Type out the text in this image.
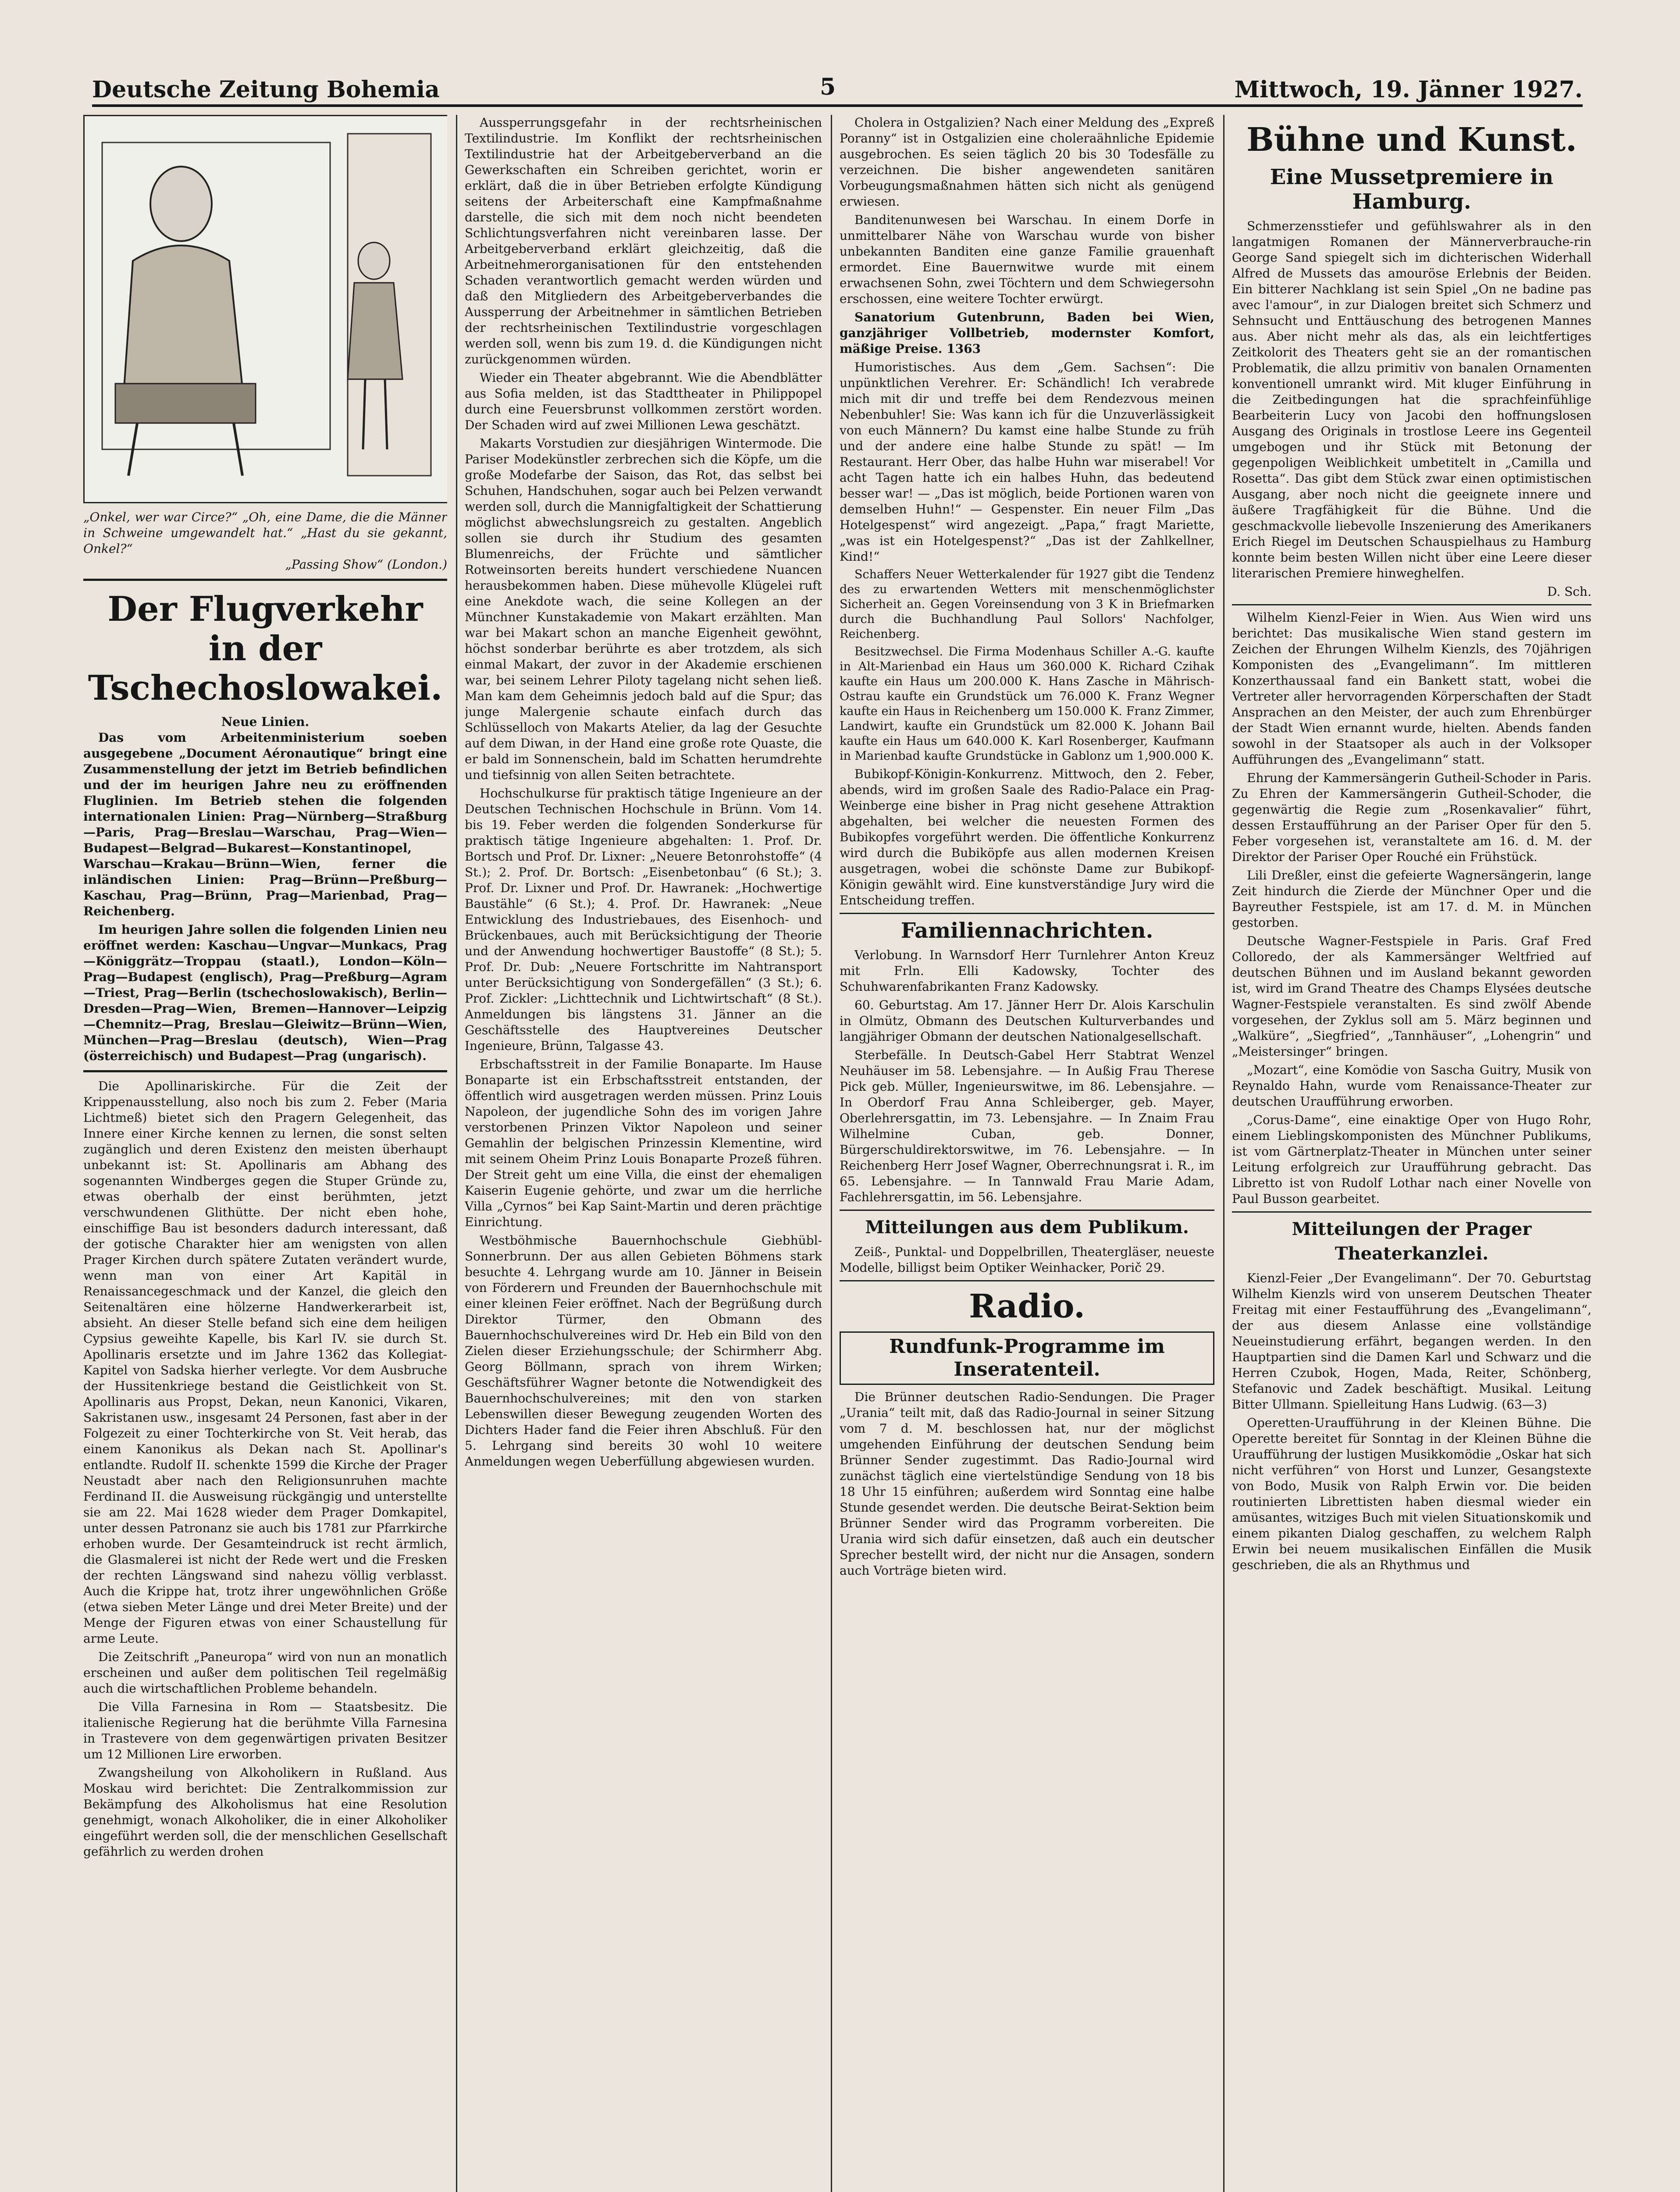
Deutsche Zeitung Bohemia	5	Mittwoch, 19. Jänner 1927.
„Onkel, wer war Circe?“ „Oh, eine Dame, die die Männer in Schweine umgewandelt hat.“ „Hast du sie gekannt, Onkel?“
„Passing Show“ (London.)
Der Flugverkehr in der Tschechoslowakei.
Neue Linien.

Das vom Arbeitenministerium soeben ausgegebene „Document Aéronautique“ bringt eine Zusammenstellung der jetzt im Betrieb befindlichen und der im heurigen Jahre neu zu eröffnenden Fluglinien. Im Betrieb stehen die folgenden internationalen Linien: Prag—Nürnberg—Straßburg—Paris, Prag—Breslau—Warschau, Prag—Wien—Budapest—Belgrad—Bukarest—Konstantinopel, Warschau—Krakau—Brünn—Wien, ferner die inländischen Linien: Prag—Brünn—Preßburg—Kaschau, Prag—Brünn, Prag—Marienbad, Prag—Reichenberg.

Im heurigen Jahre sollen die folgenden Linien neu eröffnet werden: Kaschau—Ungvar—Munkacs, Prag—Königgrätz—Troppau (staatl.), London—Köln—Prag—Budapest (englisch), Prag—Preßburg—Agram—Triest, Prag—Berlin (tschechoslowakisch), Berlin—Dresden—Prag—Wien, Bremen—Hannover—Leipzig—Chemnitz—Prag, Breslau—Gleiwitz—Brünn—Wien, München—Prag—Breslau (deutsch), Wien—Prag (österreichisch) und Budapest—Prag (ungarisch).

Die Apollinariskirche. Für die Zeit der Krippenausstellung, also noch bis zum 2. Feber (Maria Lichtmeß) bietet sich den Pragern Gelegenheit, das Innere einer Kirche kennen zu lernen, die sonst selten zugänglich und deren Existenz den meisten überhaupt unbekannt ist: St. Apollinaris am Abhang des sogenannten Windberges gegen die Stuper Gründe zu, etwas oberhalb der einst berühmten, jetzt verschwundenen Glithütte. Der nicht eben hohe, einschiffige Bau ist besonders dadurch interessant, daß der gotische Charakter hier am wenigsten von allen Prager Kirchen durch spätere Zutaten verändert wurde, wenn man von einer Art Kapitäl in Renaissancegeschmack und der Kanzel, die gleich den Seitenaltären eine hölzerne Handwerkerarbeit ist, absieht. An dieser Stelle befand sich eine dem heiligen Cypsius geweihte Kapelle, bis Karl IV. sie durch St. Apollinaris ersetzte und im Jahre 1362 das Kollegiat-Kapitel von Sadska hierher verlegte. Vor dem Ausbruche der Hussitenkriege bestand die Geistlichkeit von St. Apollinaris aus Propst, Dekan, neun Kanonici, Vikaren, Sakristanen usw., insgesamt 24 Personen, fast aber in der Folgezeit zu einer Tochterkirche von St. Veit herab, das einem Kanonikus als Dekan nach St. Apollinar's entlandte. Rudolf II. schenkte 1599 die Kirche der Prager Neustadt aber nach den Religionsunruhen machte Ferdinand II. die Ausweisung rückgängig und unterstellte sie am 22. Mai 1628 wieder dem Prager Domkapitel, unter dessen Patronanz sie auch bis 1781 zur Pfarrkirche erhoben wurde. Der Gesamteindruck ist recht ärmlich, die Glasmalerei ist nicht der Rede wert und die Fresken der rechten Längswand sind nahezu völlig verblasst. Auch die Krippe hat, trotz ihrer ungewöhnlichen Größe (etwa sieben Meter Länge und drei Meter Breite) und der Menge der Figuren etwas von einer Schaustellung für arme Leute.

Die Zeitschrift „Paneuropa“ wird von nun an monatlich erscheinen und außer dem politischen Teil regelmäßig auch die wirtschaftlichen Probleme behandeln.

Die Villa Farnesina in Rom — Staatsbesitz. Die italienische Regierung hat die berühmte Villa Farnesina in Trastevere von dem gegenwärtigen privaten Besitzer um 12 Millionen Lire erworben.

Zwangsheilung von Alkoholikern in Rußland. Aus Moskau wird berichtet: Die Zentralkommission zur Bekämpfung des Alkoholismus hat eine Resolution genehmigt, wonach Alkoholiker, die in einer Alkoholiker eingeführt werden soll, die der menschlichen Gesellschaft gefährlich zu werden drohen

Aussperrungsgefahr in der rechtsrheinischen Textilindustrie. Im Konflikt der rechtsrheinischen Textilindustrie hat der Arbeitgeberverband an die Gewerkschaften ein Schreiben gerichtet, worin er erklärt, daß die in über Betrieben erfolgte Kündigung seitens der Arbeiterschaft eine Kampfmaßnahme darstelle, die sich mit dem noch nicht beendeten Schlichtungsverfahren nicht vereinbaren lasse. Der Arbeitgeberverband erklärt gleichzeitig, daß die Arbeitnehmerorganisationen für den entstehenden Schaden verantwortlich gemacht werden würden und daß den Mitgliedern des Arbeitgeberverbandes die Aussperrung der Arbeitnehmer in sämtlichen Betrieben der rechtsrheinischen Textilindustrie vorgeschlagen werden soll, wenn bis zum 19. d. die Kündigungen nicht zurückgenommen würden.

Wieder ein Theater abgebrannt. Wie die Abendblätter aus Sofia melden, ist das Stadttheater in Philippopel durch eine Feuersbrunst vollkommen zerstört worden. Der Schaden wird auf zwei Millionen Lewa geschätzt.

Makarts Vorstudien zur diesjährigen Wintermode. Die Pariser Modekünstler zerbrechen sich die Köpfe, um die große Modefarbe der Saison, das Rot, das selbst bei Schuhen, Handschuhen, sogar auch bei Pelzen verwandt werden soll, durch die Mannigfaltigkeit der Schattierung möglichst abwechslungsreich zu gestalten. Angeblich sollen sie durch ihr Studium des gesamten Blumenreichs, der Früchte und sämtlicher Rotweinsorten bereits hundert verschiedene Nuancen herausbekommen haben. Diese mühevolle Klügelei ruft eine Anekdote wach, die seine Kollegen an der Münchner Kunstakademie von Makart erzählten. Man war bei Makart schon an manche Eigenheit gewöhnt, höchst sonderbar berührte es aber trotzdem, als sich einmal Makart, der zuvor in der Akademie erschienen war, bei seinem Lehrer Piloty tagelang nicht sehen ließ. Man kam dem Geheimnis jedoch bald auf die Spur; das junge Malergenie schaute einfach durch das Schlüsselloch von Makarts Atelier, da lag der Gesuchte auf dem Diwan, in der Hand eine große rote Quaste, die er bald im Sonnenschein, bald im Schatten herumdrehte und tiefsinnig von allen Seiten betrachtete.

Hochschulkurse für praktisch tätige Ingenieure an der Deutschen Technischen Hochschule in Brünn. Vom 14. bis 19. Feber werden die folgenden Sonderkurse für praktisch tätige Ingenieure abgehalten: 1. Prof. Dr. Bortsch und Prof. Dr. Lixner: „Neuere Betonrohstoffe“ (4 St.); 2. Prof. Dr. Bortsch: „Eisenbetonbau“ (6 St.); 3. Prof. Dr. Lixner und Prof. Dr. Hawranek: „Hochwertige Baustähle“ (6 St.); 4. Prof. Dr. Hawranek: „Neue Entwicklung des Industriebaues, des Eisenhoch- und Brückenbaues, auch mit Berücksichtigung der Theorie und der Anwendung hochwertiger Baustoffe“ (8 St.); 5. Prof. Dr. Dub: „Neuere Fortschritte im Nahtransport unter Berücksichtigung von Sondergefällen“ (3 St.); 6. Prof. Zickler: „Lichttechnik und Lichtwirtschaft“ (8 St.). Anmeldungen bis längstens 31. Jänner an die Geschäftsstelle des Hauptvereines Deutscher Ingenieure, Brünn, Talgasse 43.

Erbschaftsstreit in der Familie Bonaparte. Im Hause Bonaparte ist ein Erbschaftsstreit entstanden, der öffentlich wird ausgetragen werden müssen. Prinz Louis Napoleon, der jugendliche Sohn des im vorigen Jahre verstorbenen Prinzen Viktor Napoleon und seiner Gemahlin der belgischen Prinzessin Klementine, wird mit seinem Oheim Prinz Louis Bonaparte Prozeß führen. Der Streit geht um eine Villa, die einst der ehemaligen Kaiserin Eugenie gehörte, und zwar um die herrliche Villa „Cyrnos“ bei Kap Saint-Martin und deren prächtige Einrichtung.

Westböhmische Bauernhochschule Giebhübl-Sonnerbrunn. Der aus allen Gebieten Böhmens stark besuchte 4. Lehrgang wurde am 10. Jänner in Beisein von Förderern und Freunden der Bauernhochschule mit einer kleinen Feier eröffnet. Nach der Begrüßung durch Direktor Türmer, den Obmann des Bauernhochschulvereines wird Dr. Heb ein Bild von den Zielen dieser Erziehungsschule; der Schirmherr Abg. Georg Böllmann, sprach von ihrem Wirken; Geschäftsführer Wagner betonte die Notwendigkeit des Bauernhochschulvereines; mit den von starken Lebenswillen dieser Bewegung zeugenden Worten des Dichters Hader fand die Feier ihren Abschluß. Für den 5. Lehrgang sind bereits 30 wohl 10 weitere Anmeldungen wegen Ueberfüllung abgewiesen wurden.

Cholera in Ostgalizien? Nach einer Meldung des „Expreß Poranny“ ist in Ostgalizien eine choleraähnliche Epidemie ausgebrochen. Es seien täglich 20 bis 30 Todesfälle zu verzeichnen. Die bisher angewendeten sanitären Vorbeugungsmaßnahmen hätten sich nicht als genügend erwiesen.

Banditenunwesen bei Warschau. In einem Dorfe in unmittelbarer Nähe von Warschau wurde von bisher unbekannten Banditen eine ganze Familie grauenhaft ermordet. Eine Bauernwitwe wurde mit einem erwachsenen Sohn, zwei Töchtern und dem Schwiegersohn erschossen, eine weitere Tochter erwürgt.

Sanatorium Gutenbrunn, Baden bei Wien, ganzjähriger Vollbetrieb, modernster Komfort, mäßige Preise. 1363

Humoristisches. Aus dem „Gem. Sachsen“: Die unpünktlichen Verehrer. Er: Schändlich! Ich verabrede mich mit dir und treffe bei dem Rendezvous meinen Nebenbuhler! Sie: Was kann ich für die Unzuverlässigkeit von euch Männern? Du kamst eine halbe Stunde zu früh und der andere eine halbe Stunde zu spät! — Im Restaurant. Herr Ober, das halbe Huhn war miserabel! Vor acht Tagen hatte ich ein halbes Huhn, das bedeutend besser war! — „Das ist möglich, beide Portionen waren von demselben Huhn!“ — Gespenster. Ein neuer Film „Das Hotelgespenst“ wird angezeigt. „Papa,“ fragt Mariette, „was ist ein Hotelgespenst?“ „Das ist der Zahlkellner, Kind!“

Schaffers Neuer Wetterkalender für 1927 gibt die Tendenz des zu erwartenden Wetters mit menschenmöglichster Sicherheit an. Gegen Voreinsendung von 3 K in Briefmarken durch die Buchhandlung Paul Sollors' Nachfolger, Reichenberg.

Besitzwechsel. Die Firma Modenhaus Schiller A.-G. kaufte in Alt-Marienbad ein Haus um 360.000 K. Richard Czihak kaufte ein Haus um 200.000 K. Hans Zasche in Mährisch-Ostrau kaufte ein Grundstück um 76.000 K. Franz Wegner kaufte ein Haus in Reichenberg um 150.000 K. Franz Zimmer, Landwirt, kaufte ein Grundstück um 82.000 K. Johann Bail kaufte ein Haus um 640.000 K. Karl Rosenberger, Kaufmann in Marienbad kaufte Grundstücke in Gablonz um 1,900.000 K.

Bubikopf-Königin-Konkurrenz. Mittwoch, den 2. Feber, abends, wird im großen Saale des Radio-Palace ein Prag-Weinberge eine bisher in Prag nicht gesehene Attraktion abgehalten, bei welcher die neuesten Formen des Bubikopfes vorgeführt werden. Die öffentliche Konkurrenz wird durch die Bubiköpfe aus allen modernen Kreisen ausgetragen, wobei die schönste Dame zur Bubikopf-Königin gewählt wird. Eine kunstverständige Jury wird die Entscheidung treffen.

Familiennachrichten.

Verlobung. In Warnsdorf Herr Turnlehrer Anton Kreuz mit Frln. Elli Kadowsky, Tochter des Schuhwarenfabrikanten Franz Kadowsky.

60. Geburtstag. Am 17. Jänner Herr Dr. Alois Karschulin in Olmütz, Obmann des Deutschen Kulturverbandes und langjähriger Obmann der deutschen Nationalgesellschaft.

Sterbefälle. In Deutsch-Gabel Herr Stabtrat Wenzel Neuhäuser im 58. Lebensjahre. — In Außig Frau Therese Pick geb. Müller, Ingenieurswitwe, im 86. Lebensjahre. — In Oberdorf Frau Anna Schleiberger, geb. Mayer, Oberlehrersgattin, im 73. Lebensjahre. — In Znaim Frau Wilhelmine Cuban, geb. Donner, Bürgerschuldirektorswitwe, im 76. Lebensjahre. — In Reichenberg Herr Josef Wagner, Oberrechnungsrat i. R., im 65. Lebensjahre. — In Tannwald Frau Marie Adam, Fachlehrersgattin, im 56. Lebensjahre.

Mitteilungen aus dem Publikum.

Zeiß-, Punktal- und Doppelbrillen, Theatergläser, neueste Modelle, billigst beim Optiker Weinhacker, Porič 29.

Radio.
Rundfunk-Programme im Inseratenteil.

Die Brünner deutschen Radio-Sendungen. Die Prager „Urania“ teilt mit, daß das Radio-Journal in seiner Sitzung vom 7 d. M. beschlossen hat, nur der möglichst umgehenden Einführung der deutschen Sendung beim Brünner Sender zugestimmt. Das Radio-Journal wird zunächst täglich eine viertelstündige Sendung von 18 bis 18 Uhr 15 einführen; außerdem wird Sonntag eine halbe Stunde gesendet werden. Die deutsche Beirat-Sektion beim Brünner Sender wird das Programm vorbereiten. Die Urania wird sich dafür einsetzen, daß auch ein deutscher Sprecher bestellt wird, der nicht nur die Ansagen, sondern auch Vorträge bieten wird.

Bühne und Kunst.
Eine Mussetpremiere in Hamburg.

Schmerzensstiefer und gefühlswahrer als in den langatmigen Romanen der Männerverbrauche-rin George Sand spiegelt sich im dichterischen Widerhall Alfred de Mussets das amouröse Erlebnis der Beiden. Ein bitterer Nachklang ist sein Spiel „On ne badine pas avec l'amour“, in zur Dialogen breitet sich Schmerz und Sehnsucht und Enttäuschung des betrogenen Mannes aus. Aber nicht mehr als das, als ein leichtfertiges Zeitkolorit des Theaters geht sie an der romantischen Problematik, die allzu primitiv von banalen Ornamenten konventionell umrankt wird. Mit kluger Einführung in die Zeitbedingungen hat die sprachfeinfühlige Bearbeiterin Lucy von Jacobi den hoffnungslosen Ausgang des Originals in trostlose Leere ins Gegenteil umgebogen und ihr Stück mit Betonung der gegenpoligen Weiblichkeit umbetitelt in „Camilla und Rosetta“. Das gibt dem Stück zwar einen optimistischen Ausgang, aber noch nicht die geeignete innere und äußere Tragfähigkeit für die Bühne. Und die geschmackvolle liebevolle Inszenierung des Amerikaners Erich Riegel im Deutschen Schauspielhaus zu Hamburg konnte beim besten Willen nicht über eine Leere dieser literarischen Premiere hinweghelfen.

D. Sch.

Wilhelm Kienzl-Feier in Wien. Aus Wien wird uns berichtet: Das musikalische Wien stand gestern im Zeichen der Ehrungen Wilhelm Kienzls, des 70jährigen Komponisten des „Evangelimann“. Im mittleren Konzerthaussaal fand ein Bankett statt, wobei die Vertreter aller hervorragenden Körperschaften der Stadt Ansprachen an den Meister, der auch zum Ehrenbürger der Stadt Wien ernannt wurde, hielten. Abends fanden sowohl in der Staatsoper als auch in der Volksoper Aufführungen des „Evangelimann“ statt.

Ehrung der Kammersängerin Gutheil-Schoder in Paris. Zu Ehren der Kammersängerin Gutheil-Schoder, die gegenwärtig die Regie zum „Rosenkavalier“ führt, dessen Erstaufführung an der Pariser Oper für den 5. Feber vorgesehen ist, veranstaltete am 16. d. M. der Direktor der Pariser Oper Rouché ein Frühstück.

Lili Dreßler, einst die gefeierte Wagnersängerin, lange Zeit hindurch die Zierde der Münchner Oper und die Bayreuther Festspiele, ist am 17. d. M. in München gestorben.

Deutsche Wagner-Festspiele in Paris. Graf Fred Colloredo, der als Kammersänger Weltfried auf deutschen Bühnen und im Ausland bekannt geworden ist, wird im Grand Theatre des Champs Elysées deutsche Wagner-Festspiele veranstalten. Es sind zwölf Abende vorgesehen, der Zyklus soll am 5. März beginnen und „Walküre“, „Siegfried“, „Tannhäuser“, „Lohengrin“ und „Meistersinger“ bringen.

„Mozart“, eine Komödie von Sascha Guitry, Musik von Reynaldo Hahn, wurde vom Renaissance-Theater zur deutschen Uraufführung erworben.

„Corus-Dame“, eine einaktige Oper von Hugo Rohr, einem Lieblingskomponisten des Münchner Publikums, ist vom Gärtnerplatz-Theater in München unter seiner Leitung erfolgreich zur Uraufführung gebracht. Das Libretto ist von Rudolf Lothar nach einer Novelle von Paul Busson gearbeitet.

Mitteilungen der Prager Theaterkanzlei.

Kienzl-Feier „Der Evangelimann“. Der 70. Geburtstag Wilhelm Kienzls wird von unserem Deutschen Theater Freitag mit einer Festaufführung des „Evangelimann“, der aus diesem Anlasse eine vollständige Neueinstudierung erfährt, begangen werden. In den Hauptpartien sind die Damen Karl und Schwarz und die Herren Czubok, Hogen, Mada, Reiter, Schönberg, Stefanovic und Zadek beschäftigt. Musikal. Leitung Bitter Ullmann. Spielleitung Hans Ludwig. (63—3)

Operetten-Uraufführung in der Kleinen Bühne. Die Operette bereitet für Sonntag in der Kleinen Bühne die Uraufführung der lustigen Musikkomödie „Oskar hat sich nicht verführen“ von Horst und Lunzer, Gesangstexte von Bodo, Musik von Ralph Erwin vor. Die beiden routinierten Librettisten haben diesmal wieder ein amüsantes, witziges Buch mit vielen Situationskomik und einem pikanten Dialog geschaffen, zu welchem Ralph Erwin bei neuem musikalischen Einfällen die Musik geschrieben, die als an Rhythmus und
